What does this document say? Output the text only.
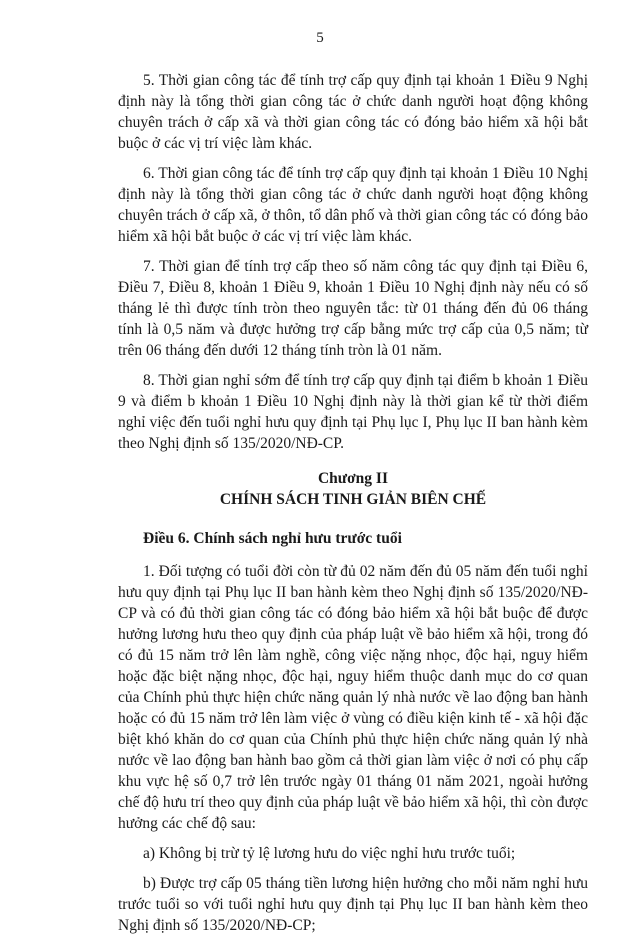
5

5. Thời gian công tác để tính trợ cấp quy định tại khoản 1 Điều 9 Nghị định này là tổng thời gian công tác ở chức danh người hoạt động không chuyên trách ở cấp xã và thời gian công tác có đóng bảo hiểm xã hội bắt buộc ở các vị trí việc làm khác.

6. Thời gian công tác để tính trợ cấp quy định tại khoản 1 Điều 10 Nghị định này là tổng thời gian công tác ở chức danh người hoạt động không chuyên trách ở cấp xã, ở thôn, tổ dân phố và thời gian công tác có đóng bảo hiểm xã hội bắt buộc ở các vị trí việc làm khác.

7. Thời gian để tính trợ cấp theo số năm công tác quy định tại Điều 6, Điều 7, Điều 8, khoản 1 Điều 9, khoản 1 Điều 10 Nghị định này nếu có số tháng lẻ thì được tính tròn theo nguyên tắc: từ 01 tháng đến đủ 06 tháng tính là 0,5 năm và được hưởng trợ cấp bằng mức trợ cấp của 0,5 năm; từ trên 06 tháng đến dưới 12 tháng tính tròn là 01 năm.

8. Thời gian nghỉ sớm để tính trợ cấp quy định tại điểm b khoản 1 Điều 9 và điểm b khoản 1 Điều 10 Nghị định này là thời gian kể từ thời điểm nghỉ việc đến tuổi nghỉ hưu quy định tại Phụ lục I, Phụ lục II ban hành kèm theo Nghị định số 135/2020/NĐ-CP.

Chương II

CHÍNH SÁCH TINH GIẢN BIÊN CHẾ

Điều 6. Chính sách nghỉ hưu trước tuổi

1. Đối tượng có tuổi đời còn từ đủ 02 năm đến đủ 05 năm đến tuổi nghỉ hưu quy định tại Phụ lục II ban hành kèm theo Nghị định số 135/2020/NĐ-CP và có đủ thời gian công tác có đóng bảo hiểm xã hội bắt buộc để được hưởng lương hưu theo quy định của pháp luật về bảo hiểm xã hội, trong đó có đủ 15 năm trở lên làm nghề, công việc nặng nhọc, độc hại, nguy hiểm hoặc đặc biệt nặng nhọc, độc hại, nguy hiểm thuộc danh mục do cơ quan của Chính phủ thực hiện chức năng quản lý nhà nước về lao động ban hành hoặc có đủ 15 năm trở lên làm việc ở vùng có điều kiện kinh tế - xã hội đặc biệt khó khăn do cơ quan của Chính phủ thực hiện chức năng quản lý nhà nước về lao động ban hành bao gồm cả thời gian làm việc ở nơi có phụ cấp khu vực hệ số 0,7 trở lên trước ngày 01 tháng 01 năm 2021, ngoài hưởng chế độ hưu trí theo quy định của pháp luật về bảo hiểm xã hội, thì còn được hưởng các chế độ sau:

a) Không bị trừ tỷ lệ lương hưu do việc nghỉ hưu trước tuổi;

b) Được trợ cấp 05 tháng tiền lương hiện hưởng cho mỗi năm nghỉ hưu trước tuổi so với tuổi nghỉ hưu quy định tại Phụ lục II ban hành kèm theo Nghị định số 135/2020/NĐ-CP;
